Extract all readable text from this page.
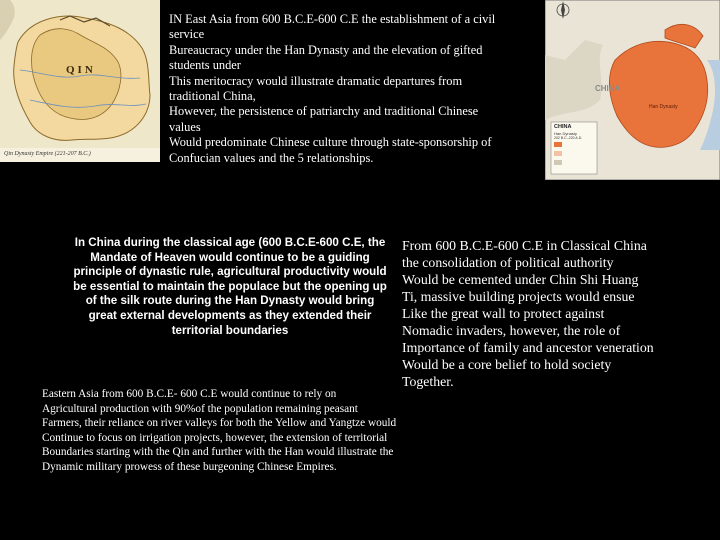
QIN
Qin Dynasty Empire (221-207 B.C.)
IN East Asia from 600 B.C.E-600 C.E the establishment of a civil service
Bureaucracy under the Han Dynasty and the elevation of gifted students under
This meritocracy would illustrate dramatic departures from traditional China,
However, the persistence of patriarchy and traditional Chinese values
Would predominate Chinese culture through state-sponsorship of Confucian values and the 5 relationships.
CHINA
Han Dynasty
CHINA
Han Dynasty
202 B.C.-220 A.D.
In China during the classical age (600 B.C.E-600 C.E, the Mandate of Heaven would continue to be a guiding principle of dynastic rule, agricultural productivity would be essential to maintain the populace but the opening up of the silk route during the Han Dynasty would bring great external developments as they extended their territorial boundaries
From 600 B.C.E-600 C.E in Classical China
the consolidation of political authority
Would be cemented under Chin Shi Huang
Ti, massive building projects would ensue
Like the great wall to protect against
Nomadic invaders, however, the role of
Importance of family and ancestor veneration
Would be a core belief to hold society
Together.
Eastern Asia from 600 B.C.E- 600 C.E would continue to rely on
Agricultural production with 90%of the population remaining peasant
Farmers, their reliance on river valleys for both the Yellow and Yangtze would
Continue to focus on irrigation projects, however, the extension of territorial
Boundaries starting with the Qin and further with the Han would illustrate the
Dynamic military prowess of these burgeoning Chinese Empires.
